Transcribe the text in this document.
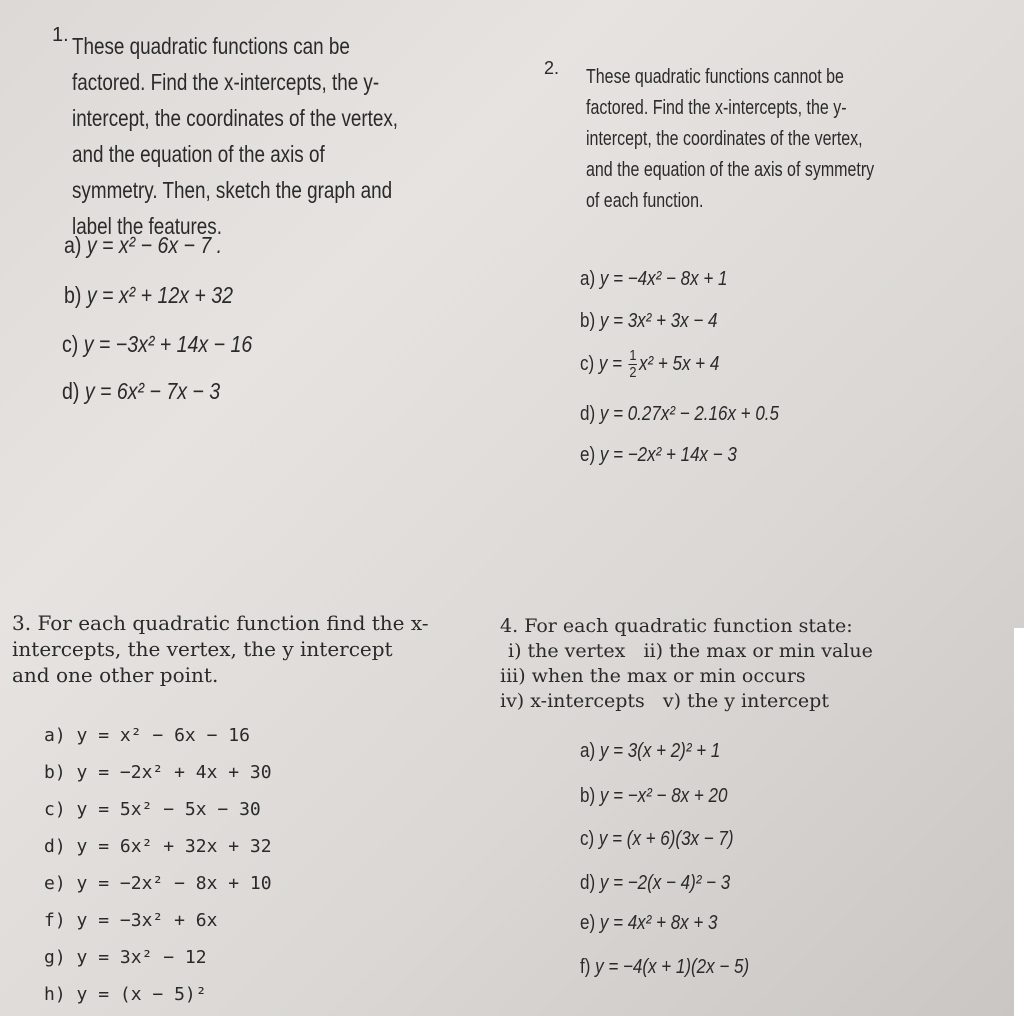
1. These quadratic functions can be factored. Find the x-intercepts, the y-intercept, the coordinates of the vertex, and the equation of the axis of symmetry. Then, sketch the graph and label the features.

a) y = x² − 6x − 7 .
b) y = x² + 12x + 32
c) y = −3x² + 14x − 16
d) y = 6x² − 7x − 3
2. These quadratic functions cannot be factored. Find the x-intercepts, the y-intercept, the coordinates of the vertex, and the equation of the axis of symmetry of each function.

a) y = −4x² − 8x + 1
b) y = 3x² + 3x − 4
c) $y = \frac{1}{2} x^2 + 5x + 4$
d) y = 0.27x² − 2.16x + 0.5
e) y = −2x² + 14x − 3

3. For each quadratic function find the x-intercepts, the vertex, the y intercept and one other point.

a) y = x² − 6x − 16
b) y = −2x² + 4x + 30
c) y = 5x² − 5x − 30
d) y = 6x² + 32x + 32
e) y = −2x² − 8x + 10
f) y = −3x² + 6x
g) y = 3x² − 12
h) y = (x − 5)²

4. For each quadratic function state:
i) the vertex   ii) the max or min value
iii) when the max or min occurs
iv) x-intercepts   v) the y intercept

a) y = 3(x + 2)² + 1
b) y = −x² − 8x + 20
c) y = (x + 6)(3x − 7)
d) y = −2(x − 4)² − 3
e) y = 4x² + 8x + 3
f) y = −4(x + 1)(2x − 5)
